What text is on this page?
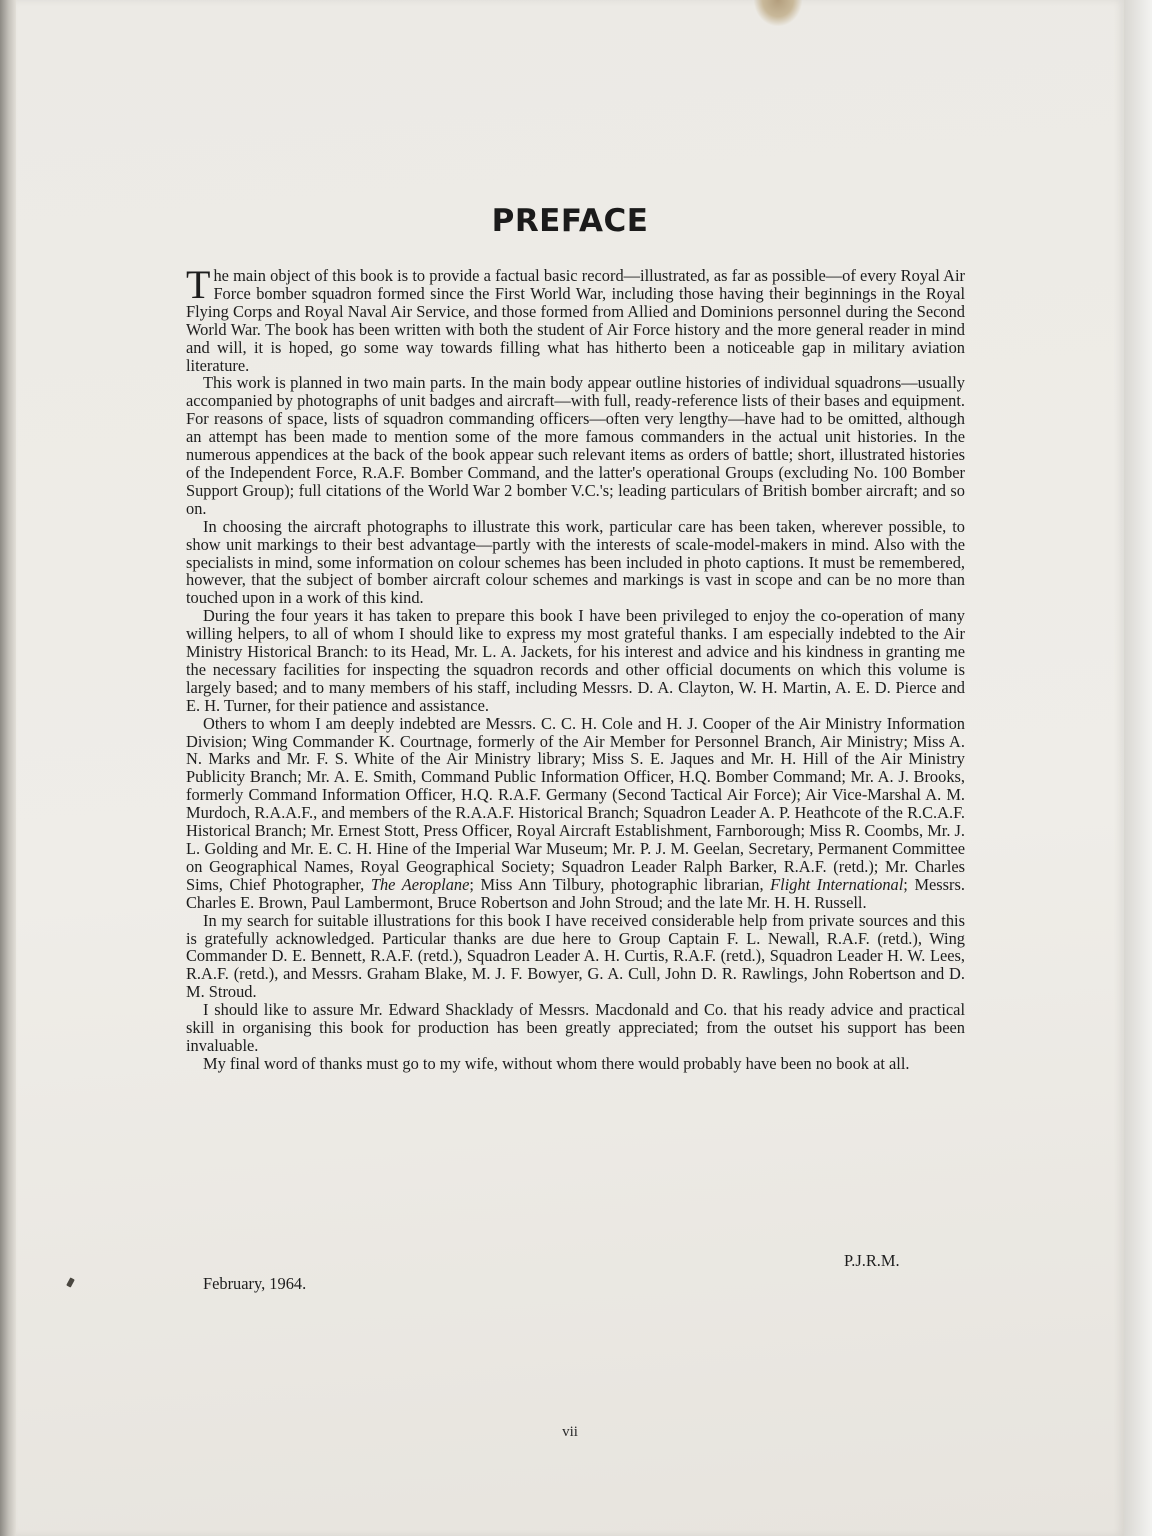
PREFACE

The main object of this book is to provide a factual basic record—illustrated, as far as possible—of every Royal Air Force bomber squadron formed since the First World War, including those having their beginnings in the Royal Flying Corps and Royal Naval Air Service, and those formed from Allied and Dominions personnel during the Second World War. The book has been written with both the student of Air Force history and the more general reader in mind and will, it is hoped, go some way towards filling what has hitherto been a noticeable gap in military aviation literature.

This work is planned in two main parts. In the main body appear outline histories of individual squadrons—usually accompanied by photographs of unit badges and aircraft—with full, ready-reference lists of their bases and equipment. For reasons of space, lists of squadron commanding officers—often very lengthy—have had to be omitted, although an attempt has been made to mention some of the more famous commanders in the actual unit histories. In the numerous appendices at the back of the book appear such relevant items as orders of battle; short, illustrated histories of the Independent Force, R.A.F. Bomber Command, and the latter's operational Groups (excluding No. 100 Bomber Support Group); full citations of the World War 2 bomber V.C.'s; leading particulars of British bomber aircraft; and so on.

In choosing the aircraft photographs to illustrate this work, particular care has been taken, wherever possible, to show unit markings to their best advantage—partly with the interests of scale-model-makers in mind. Also with the specialists in mind, some information on colour schemes has been included in photo captions. It must be remembered, however, that the subject of bomber aircraft colour schemes and markings is vast in scope and can be no more than touched upon in a work of this kind.

During the four years it has taken to prepare this book I have been privileged to enjoy the co-operation of many willing helpers, to all of whom I should like to express my most grateful thanks. I am especially indebted to the Air Ministry Historical Branch: to its Head, Mr. L. A. Jackets, for his interest and advice and his kindness in granting me the necessary facilities for inspecting the squadron records and other official documents on which this volume is largely based; and to many members of his staff, including Messrs. D. A. Clayton, W. H. Martin, A. E. D. Pierce and E. H. Turner, for their patience and assistance.

Others to whom I am deeply indebted are Messrs. C. C. H. Cole and H. J. Cooper of the Air Ministry Information Division; Wing Commander K. Courtnage, formerly of the Air Member for Personnel Branch, Air Ministry; Miss A. N. Marks and Mr. F. S. White of the Air Ministry library; Miss S. E. Jaques and Mr. H. Hill of the Air Ministry Publicity Branch; Mr. A. E. Smith, Command Public Information Officer, H.Q. Bomber Command; Mr. A. J. Brooks, formerly Command Information Officer, H.Q. R.A.F. Germany (Second Tactical Air Force); Air Vice-Marshal A. M. Murdoch, R.A.A.F., and members of the R.A.A.F. Historical Branch; Squadron Leader A. P. Heathcote of the R.C.A.F. Historical Branch; Mr. Ernest Stott, Press Officer, Royal Aircraft Establishment, Farnborough; Miss R. Coombs, Mr. J. L. Golding and Mr. E. C. H. Hine of the Imperial War Museum; Mr. P. J. M. Geelan, Secretary, Permanent Committee on Geographical Names, Royal Geographical Society; Squadron Leader Ralph Barker, R.A.F. (retd.); Mr. Charles Sims, Chief Photographer, The Aeroplane; Miss Ann Tilbury, photographic librarian, Flight International; Messrs. Charles E. Brown, Paul Lambermont, Bruce Robertson and John Stroud; and the late Mr. H. H. Russell.

In my search for suitable illustrations for this book I have received considerable help from private sources and this is gratefully acknowledged. Particular thanks are due here to Group Captain F. L. Newall, R.A.F. (retd.), Wing Commander D. E. Bennett, R.A.F. (retd.), Squadron Leader A. H. Curtis, R.A.F. (retd.), Squadron Leader H. W. Lees, R.A.F. (retd.), and Messrs. Graham Blake, M. J. F. Bowyer, G. A. Cull, John D. R. Rawlings, John Robertson and D. M. Stroud.

I should like to assure Mr. Edward Shacklady of Messrs. Macdonald and Co. that his ready advice and practical skill in organising this book for production has been greatly appreciated; from the outset his support has been invaluable.

My final word of thanks must go to my wife, without whom there would probably have been no book at all.

P.J.R.M.
February, 1964.
vii
